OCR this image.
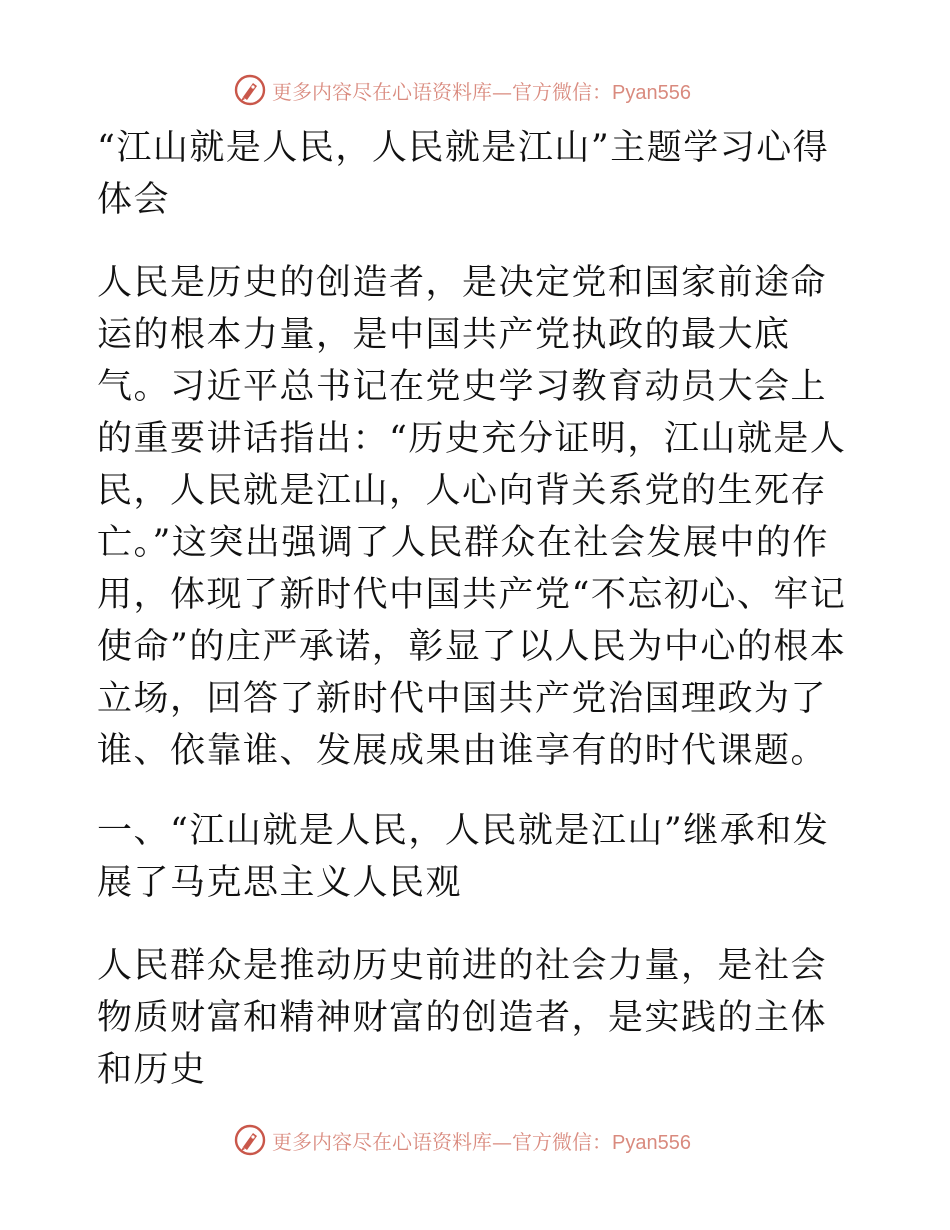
更多内容尽在心语资料库—官方微信：Pyan556

“江山就是人民，人民就是江山”主题学习心得体会

人民是历史的创造者，是决定党和国家前途命运的根本力量，是中国共产党执政的最大底气。习近平总书记在党史学习教育动员大会上的重要讲话指出：“历史充分证明，江山就是人民，人民就是江山，人心向背关系党的生死存亡。”这突出强调了人民群众在社会发展中的作用，体现了新时代中国共产党“不忘初心、牢记使命”的庄严承诺，彰显了以人民为中心的根本立场，回答了新时代中国共产党治国理政为了谁、依靠谁、发展成果由谁享有的时代课题。

一、“江山就是人民，人民就是江山”继承和发展了马克思主义人民观

人民群众是推动历史前进的社会力量，是社会物质财富和精神财富的创造者，是实践的主体和历史

更多内容尽在心语资料库—官方微信：Pyan556
